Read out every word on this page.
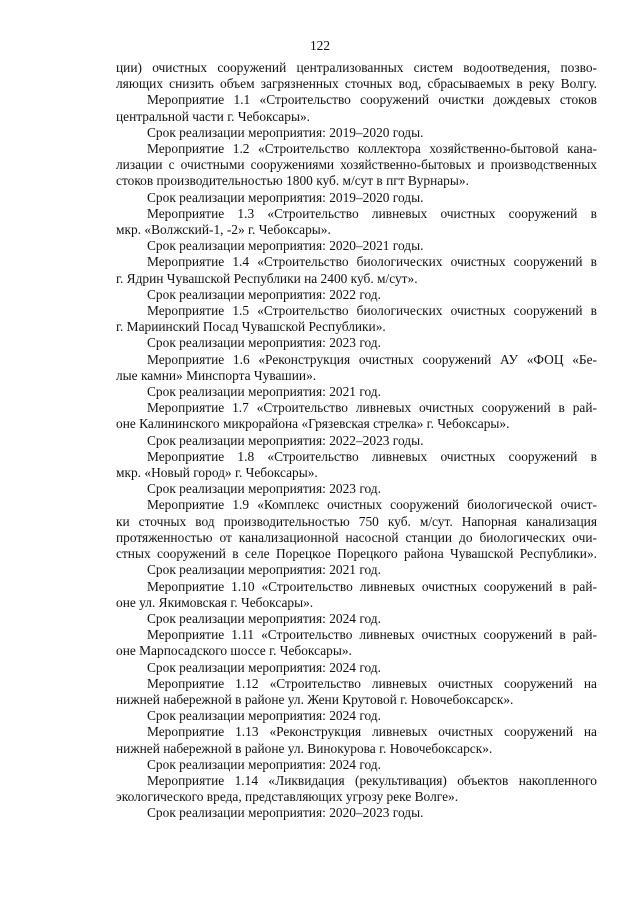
122
ции) очистных сооружений централизованных систем водоотведения, позво-
ляющих снизить объем загрязненных сточных вод, сбрасываемых в реку Волгу.
Мероприятие 1.1 «Строительство сооружений очистки дождевых стоков
центральной части г. Чебоксары».
Срок реализации мероприятия: 2019–2020 годы.
Мероприятие 1.2 «Строительство коллектора хозяйственно-бытовой кана-
лизации с очистными сооружениями хозяйственно-бытовых и производственных
стоков производительностью 1800 куб. м/сут в пгт Вурнары».
Срок реализации мероприятия: 2019–2020 годы.
Мероприятие 1.3 «Строительство ливневых очистных сооружений в
мкр. «Волжский-1, -2» г. Чебоксары».
Срок реализации мероприятия: 2020–2021 годы.
Мероприятие 1.4 «Строительство биологических очистных сооружений в
г. Ядрин Чувашской Республики на 2400 куб. м/сут».
Срок реализации мероприятия: 2022 год.
Мероприятие 1.5 «Строительство биологических очистных сооружений в
г. Мариинский Посад Чувашской Республики».
Срок реализации мероприятия: 2023 год.
Мероприятие 1.6 «Реконструкция очистных сооружений АУ «ФОЦ «Бе-
лые камни» Минспорта Чувашии».
Срок реализации мероприятия: 2021 год.
Мероприятие 1.7 «Строительство ливневых очистных сооружений в рай-
оне Калининского микрорайона «Грязевская стрелка» г. Чебоксары».
Срок реализации мероприятия: 2022–2023 годы.
Мероприятие 1.8 «Строительство ливневых очистных сооружений в
мкр. «Новый город» г. Чебоксары».
Срок реализации мероприятия: 2023 год.
Мероприятие 1.9 «Комплекс очистных сооружений биологической очист-
ки сточных вод производительностью 750 куб. м/сут. Напорная канализация
протяженностью от канализационной насосной станции до биологических очи-
стных сооружений в селе Порецкое Порецкого района Чувашской Республики».
Срок реализации мероприятия: 2021 год.
Мероприятие 1.10 «Строительство ливневых очистных сооружений в рай-
оне ул. Якимовская г. Чебоксары».
Срок реализации мероприятия: 2024 год.
Мероприятие 1.11 «Строительство ливневых очистных сооружений в рай-
оне Марпосадского шоссе г. Чебоксары».
Срок реализации мероприятия: 2024 год.
Мероприятие 1.12 «Строительство ливневых очистных сооружений на
нижней набережной в районе ул. Жени Крутовой г. Новочебоксарск».
Срок реализации мероприятия: 2024 год.
Мероприятие 1.13 «Реконструкция ливневых очистных сооружений на
нижней набережной в районе ул. Винокурова г. Новочебоксарск».
Срок реализации мероприятия: 2024 год.
Мероприятие 1.14 «Ликвидация (рекультивация) объектов накопленного
экологического вреда, представляющих угрозу реке Волге».
Срок реализации мероприятия: 2020–2023 годы.
